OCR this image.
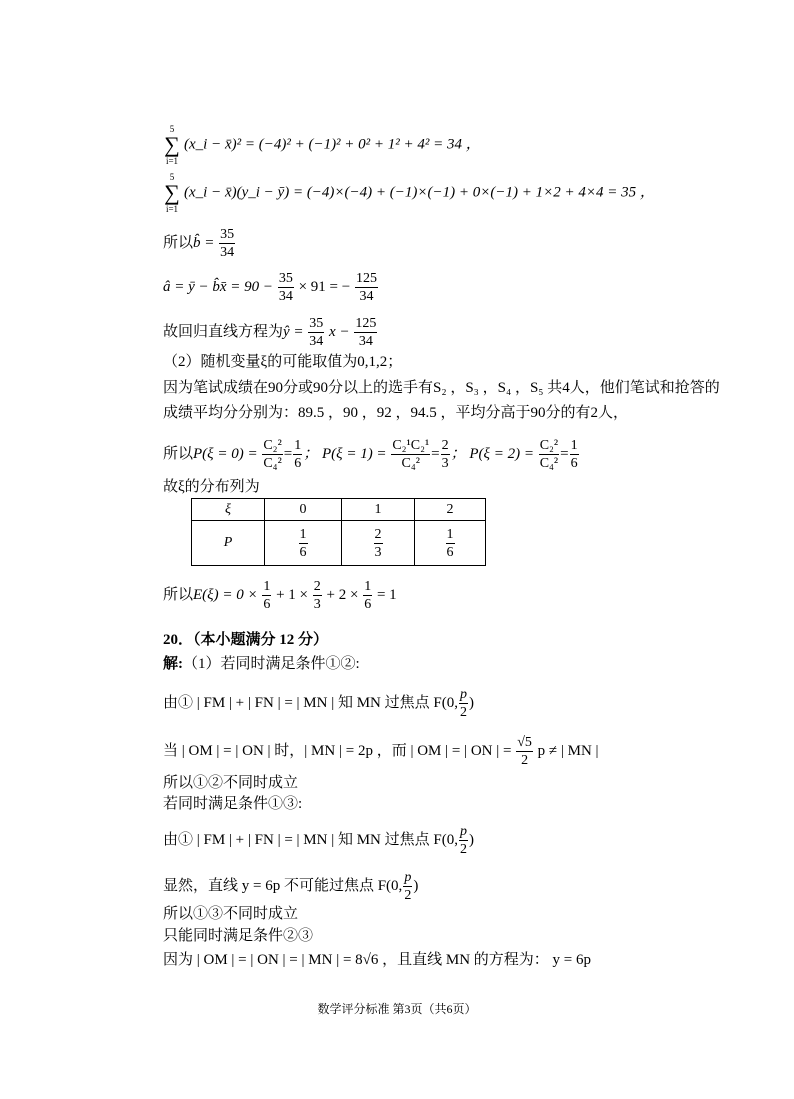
5
∑
i=1
(x_i − x̄)² = (−4)² + (−1)² + 0² + 1² + 4² = 34 ，
5
∑
i=1
(x_i − x̄)(y_i − ȳ) = (−4)×(−4) + (−1)×(−1) + 0×(−1) + 1×2 + 4×4 = 35 ，
所以b̂ = $\frac{35}{34}$
â = ȳ − b̂x̄ = $90 - \frac{35}{34} \times 91$ = − $\frac{125}{34}$
故回归直线方程为ŷ = $\frac{35}{34}$ $x - \frac{125}{34}$
（2）随机变量ξ的可能取值为0,1,2；
因为笔试成绩在90分或90分以上的选手有S₂ ，S₃ ，S₄ ，S₅ 共4人，他们笔试和抢答的
成绩平均分分别为：89.5 ，90 ，92 ，94.5 ，平均分高于90分的有2人，
所以$P(\xi = 0) = \frac{\text{C₂²}}{\text{C₄²}} = \frac{1}{6}$ ； $P(\xi = 1) = \frac{\text{C₂¹C₂¹}}{\text{C₄²}} = \frac{2}{3}$ ； $P(\xi = 2) = \frac{\text{C₂²}}{\text{C₄²}} = \frac{1}{6}$
故ξ的分布列为
ξ	0	1	2
P	$\frac{1}{6}$	$\frac{2}{3}$	$\frac{1}{6}$
所以$E(\xi) = 0 \times \frac{1}{6} + 1 \times \frac{2}{3} + 2 \times \frac{1}{6} = 1$
20．（本小题满分 12 分）
解:（1）若同时满足条件①②:
由① | FM | + | FN | = | MN | 知 MN 过焦点 F(0, $\frac{p}{2}$ )
当 | OM | = | ON | 时，| MN | = 2p ，而 | OM | = | ON | = $\frac{√5}{2}$ p ≠ | MN |
所以①②不同时成立
若同时满足条件①③:
由① | FM | + | FN | = | MN | 知 MN 过焦点 F(0, $\frac{p}{2}$ )
显然，直线 y = 6p 不可能过焦点 F(0, $\frac{p}{2}$ )
所以①③不同时成立
只能同时满足条件②③
因为 | OM | = | ON | = | MN | = 8√6 ，且直线 MN 的方程为： y = 6p
数学评分标准 第3页（共6页）
